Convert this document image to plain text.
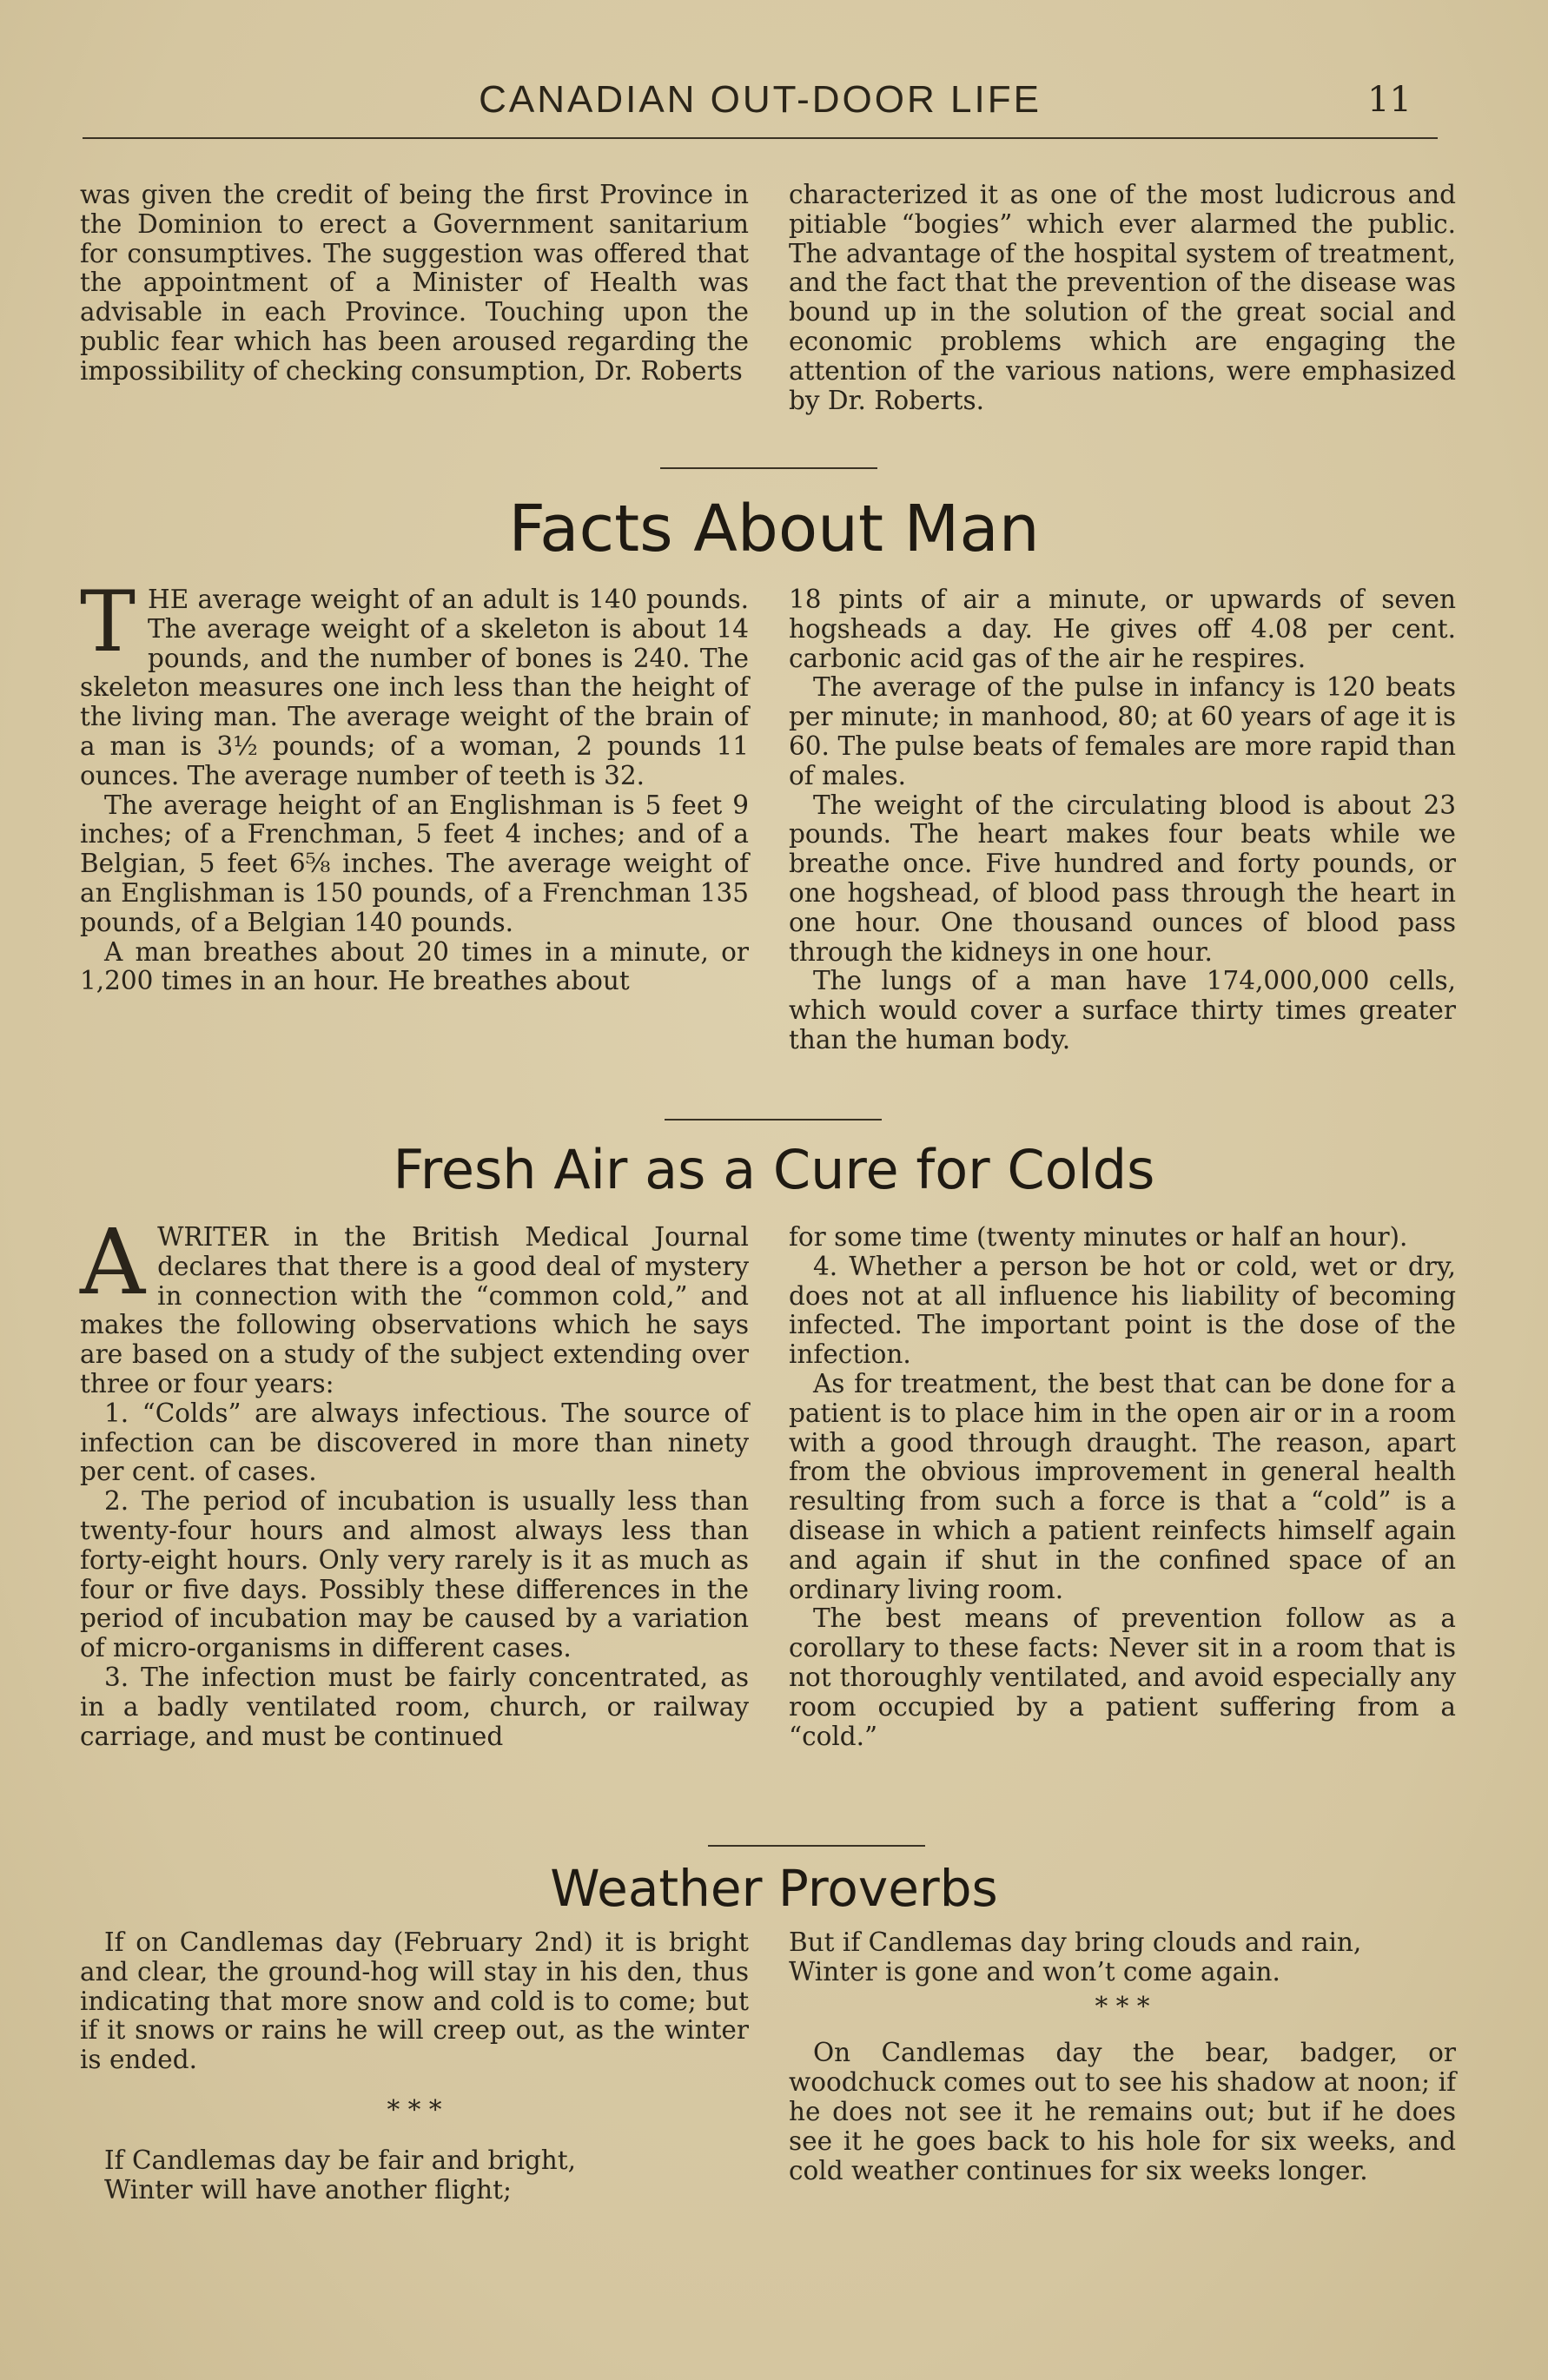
CANADIAN OUT-DOOR LIFE	11

was given the credit of being the first Province in the Dominion to erect a Government sanitarium for consumptives. The suggestion was offered that the appointment of a Minister of Health was advisable in each Province. Touching upon the public fear which has been aroused regarding the impossibility of checking consumption, Dr. Roberts

characterized it as one of the most ludicrous and pitiable “bogies” which ever alarmed the public. The advantage of the hospital system of treatment, and the fact that the prevention of the disease was bound up in the solution of the great social and economic problems which are engaging the attention of the various nations, were emphasized by Dr. Roberts.

Facts About Man

THE average weight of an adult is 140 pounds. The average weight of a skeleton is about 14 pounds, and the number of bones is 240. The skeleton measures one inch less than the height of the living man. The average weight of the brain of a man is 3½ pounds; of a woman, 2 pounds 11 ounces. The average number of teeth is 32.

The average height of an Englishman is 5 feet 9 inches; of a Frenchman, 5 feet 4 inches; and of a Belgian, 5 feet 6⅝ inches. The average weight of an Englishman is 150 pounds, of a Frenchman 135 pounds, of a Belgian 140 pounds.

A man breathes about 20 times in a minute, or 1,200 times in an hour. He breathes about

18 pints of air a minute, or upwards of seven hogsheads a day. He gives off 4.08 per cent. carbonic acid gas of the air he respires.

The average of the pulse in infancy is 120 beats per minute; in manhood, 80; at 60 years of age it is 60. The pulse beats of females are more rapid than of males.

The weight of the circulating blood is about 23 pounds. The heart makes four beats while we breathe once. Five hundred and forty pounds, or one hogshead, of blood pass through the heart in one hour. One thousand ounces of blood pass through the kidneys in one hour.

The lungs of a man have 174,000,000 cells, which would cover a surface thirty times greater than the human body.

Fresh Air as a Cure for Colds

AWRITER in the British Medical Journal declares that there is a good deal of mystery in connection with the “common cold,” and makes the following observations which he says are based on a study of the subject extending over three or four years:

1. “Colds” are always infectious. The source of infection can be discovered in more than ninety per cent. of cases.

2. The period of incubation is usually less than twenty-four hours and almost always less than forty-eight hours. Only very rarely is it as much as four or five days. Possibly these differences in the period of incubation may be caused by a variation of micro-organisms in different cases.

3. The infection must be fairly concentrated, as in a badly ventilated room, church, or railway carriage, and must be continued

for some time (twenty minutes or half an hour).

4. Whether a person be hot or cold, wet or dry, does not at all influence his liability of becoming infected. The important point is the dose of the infection.

As for treatment, the best that can be done for a patient is to place him in the open air or in a room with a good through draught. The reason, apart from the obvious improvement in general health resulting from such a force is that a “cold” is a disease in which a patient reinfects himself again and again if shut in the confined space of an ordinary living room.

The best means of prevention follow as a corollary to these facts: Never sit in a room that is not thoroughly ventilated, and avoid especially any room occupied by a patient suffering from a “cold.”

Weather Proverbs

If on Candlemas day (February 2nd) it is bright and clear, the ground-hog will stay in his den, thus indicating that more snow and cold is to come; but if it snows or rains he will creep out, as the winter is ended.

* * *

If Candlemas day be fair and bright,

Winter will have another flight;

But if Candlemas day bring clouds and rain,

Winter is gone and won’t come again.

* * *

On Candlemas day the bear, badger, or woodchuck comes out to see his shadow at noon; if he does not see it he remains out; but if he does see it he goes back to his hole for six weeks, and cold weather continues for six weeks longer.
